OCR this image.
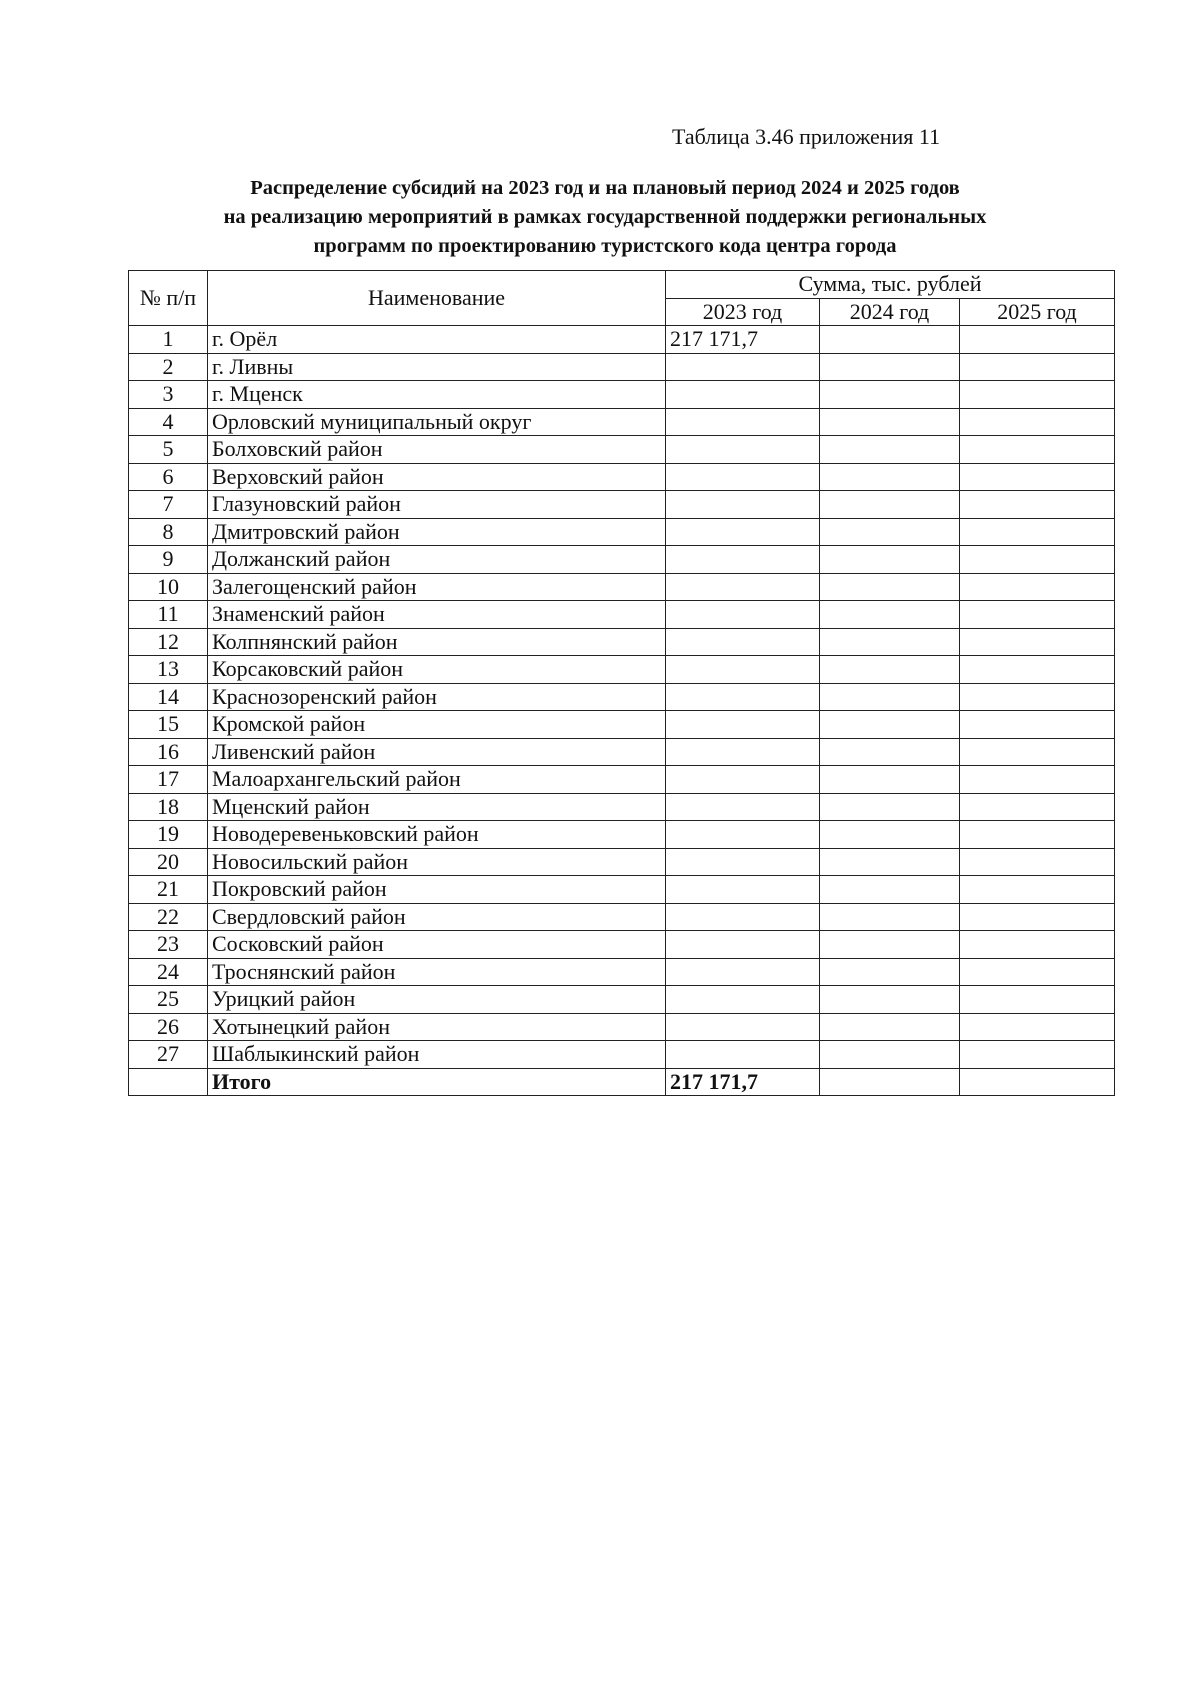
Таблица 3.46 приложения 11
Распределение субсидий на 2023 год и на плановый период 2024 и 2025 годов
на реализацию мероприятий в рамках государственной поддержки региональных
программ по проектированию туристского кода центра города
№ п/п	Наименование	Сумма, тыс. рублей		
		2023 год	2024 год	2025 год
1	г. Орёл	217 171,7		
2	г. Ливны			
3	г. Мценск			
4	Орловский муниципальный округ			
5	Болховский район			
6	Верховский район			
7	Глазуновский район			
8	Дмитровский район			
9	Должанский район			
10	Залегощенский район			
11	Знаменский район			
12	Колпнянский район			
13	Корсаковский район			
14	Краснозоренский район			
15	Кромской район			
16	Ливенский район			
17	Малоархангельский район			
18	Мценский район			
19	Новодеревеньковский район			
20	Новосильский район			
21	Покровский район			
22	Свердловский район			
23	Сосковский район			
24	Троснянский район			
25	Урицкий район			
26	Хотынецкий район			
27	Шаблыкинский район			
	Итого	217 171,7		
